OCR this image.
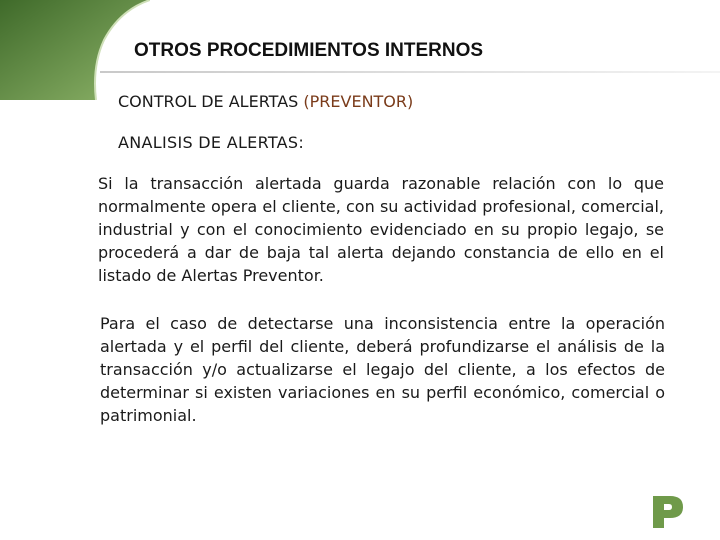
OTROS PROCEDIMIENTOS INTERNOS
CONTROL DE ALERTAS (PREVENTOR)
ANALISIS DE ALERTAS:

Si la transacción alertada guarda razonable relación con lo que normalmente opera el cliente, con su actividad profesional, comercial, industrial y con el conocimiento evidenciado en su propio legajo, se procederá a dar de baja tal alerta dejando constancia de ello en el listado de Alertas Preventor.

Para el caso de detectarse una inconsistencia entre la operación alertada y el perfil del cliente, deberá profundizarse el análisis de la transacción y/o actualizarse el legajo del cliente, a los efectos de determinar si existen variaciones en su perfil económico, comercial o patrimonial.
